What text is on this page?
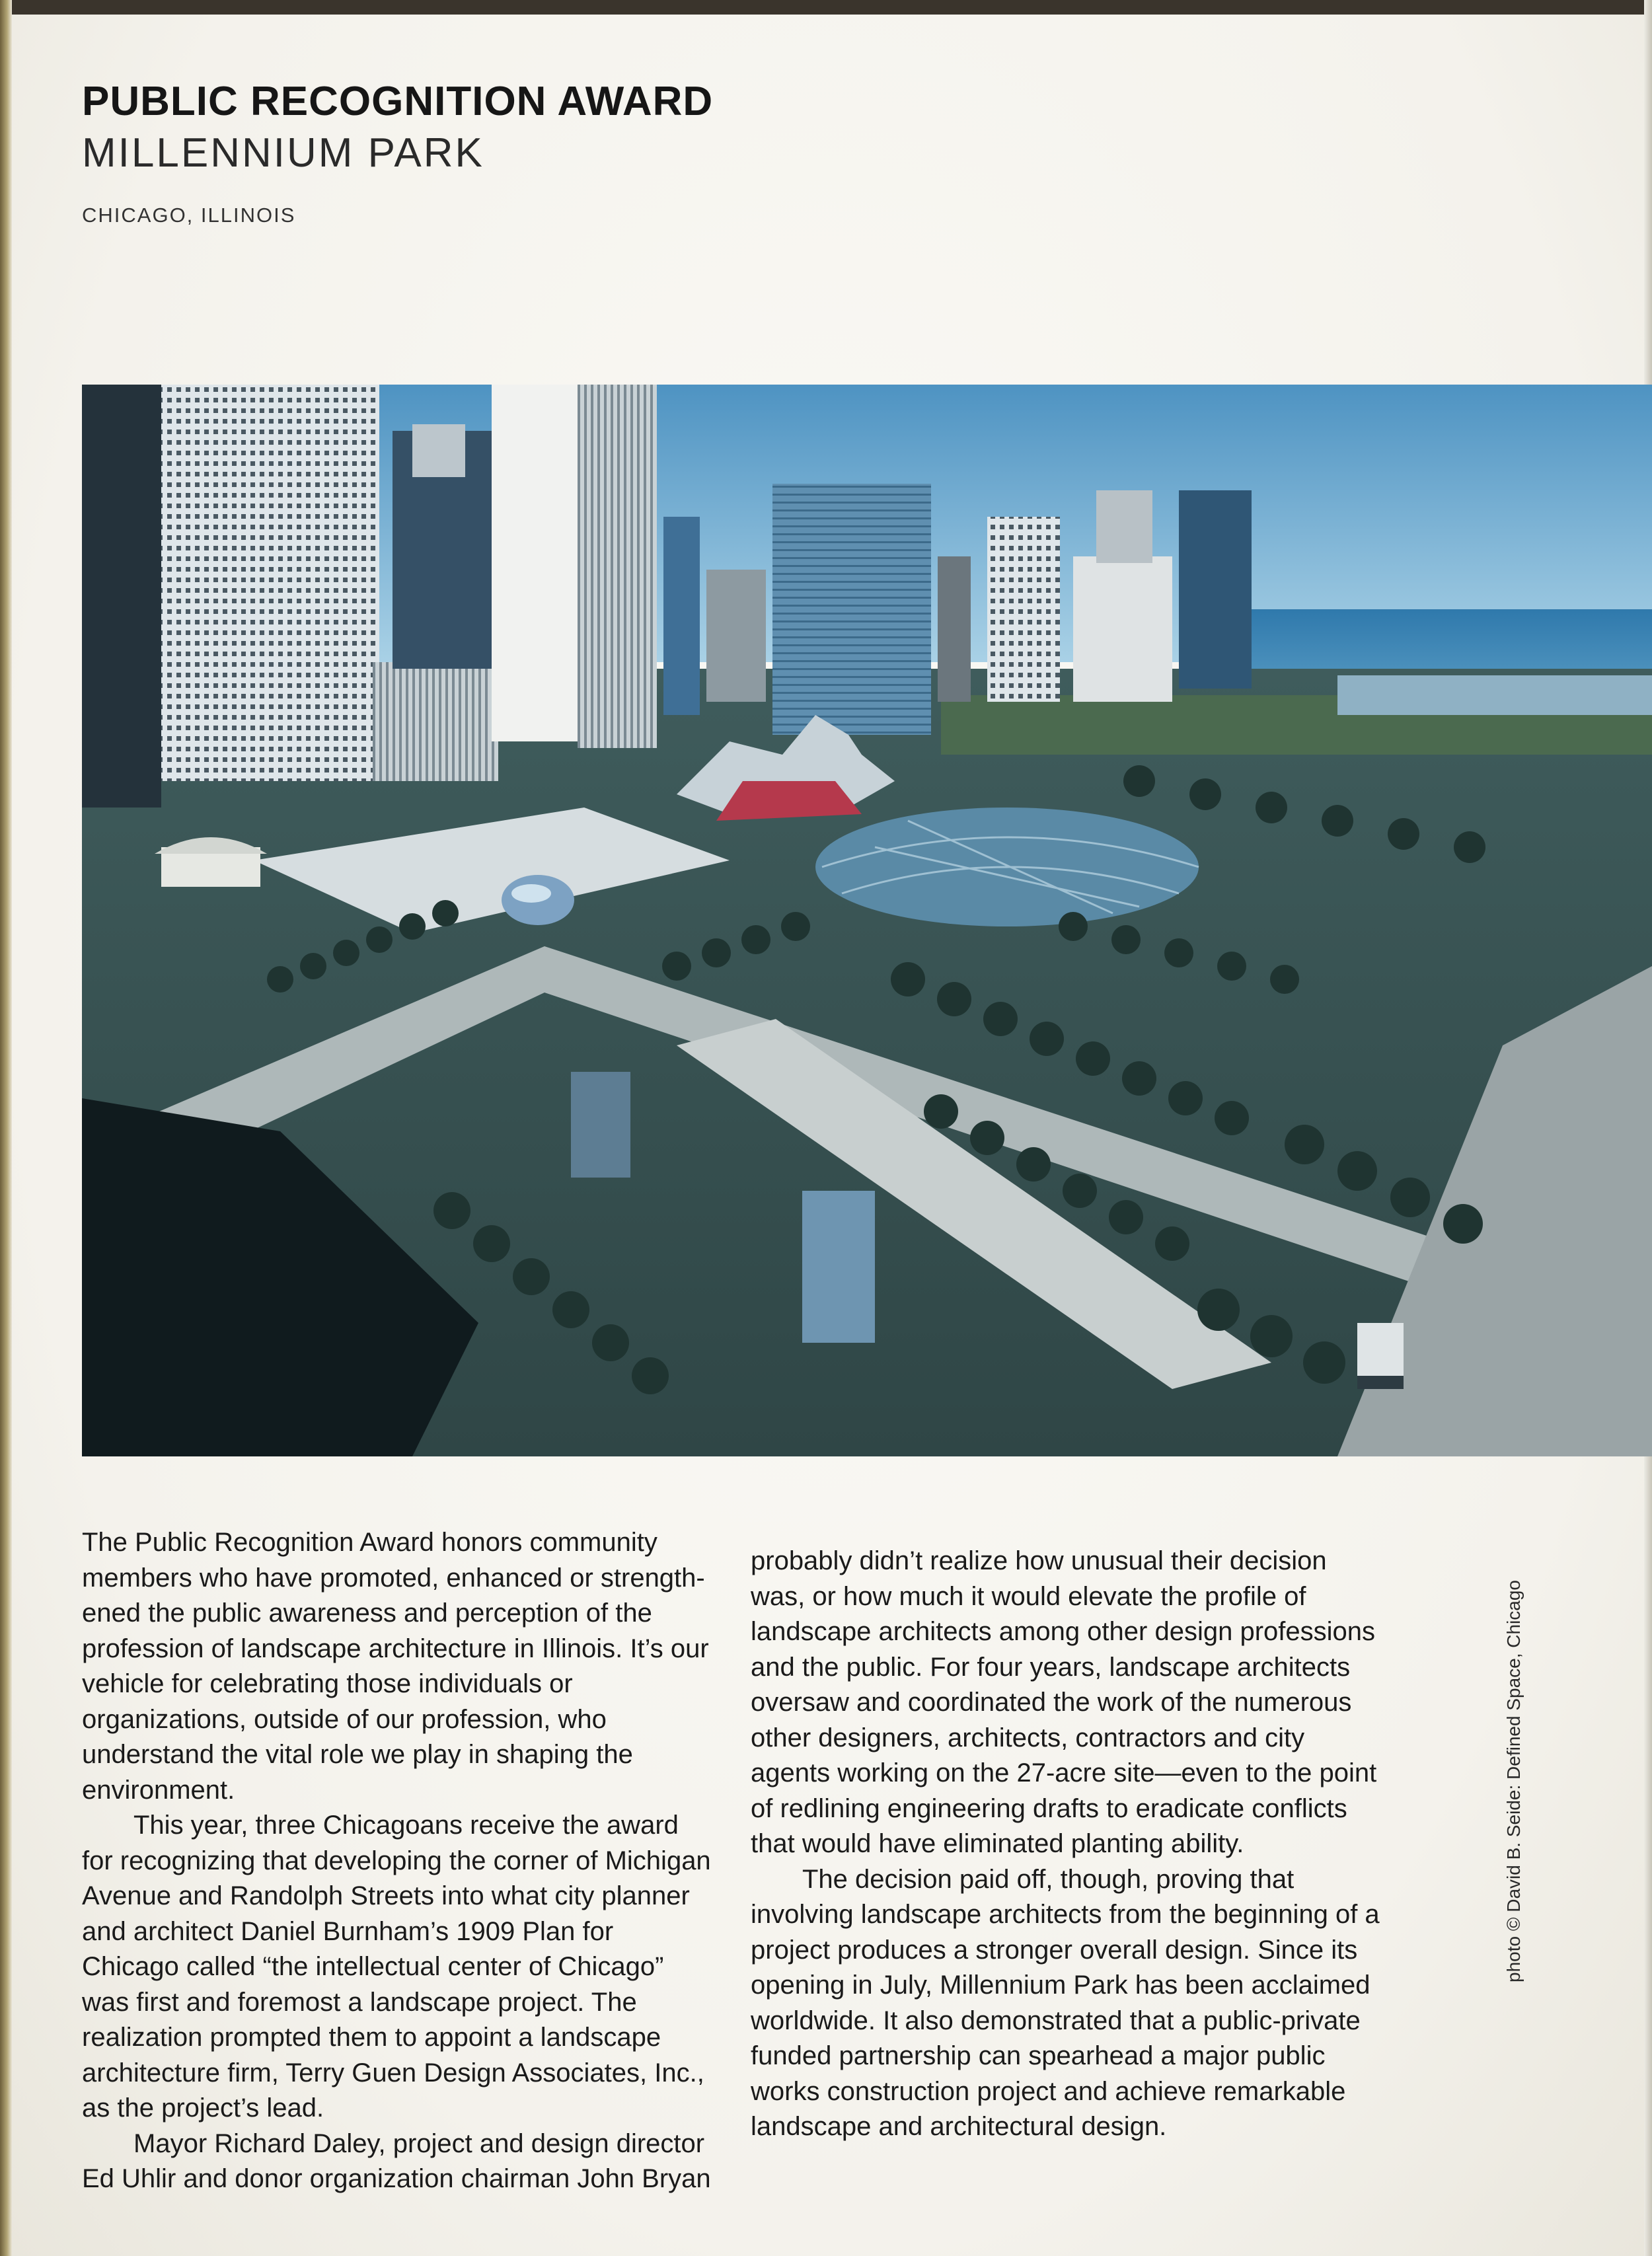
PUBLIC RECOGNITION AWARD
MILLENNIUM PARK

CHICAGO, ILLINOIS

The Public Recognition Award honors community members who have promoted, enhanced or strength-ened the public awareness and perception of the profession of landscape architecture in Illinois. It’s our vehicle for celebrating those individuals or organizations, outside of our profession, who understand the vital role we play in shaping the environment.

This year, three Chicagoans receive the award for recognizing that developing the corner of Michigan Avenue and Randolph Streets into what city planner and architect Daniel Burnham’s 1909 Plan for Chicago called “the intellectual center of Chicago” was first and foremost a landscape project. The realization prompted them to appoint a landscape architecture firm, Terry Guen Design Associates, Inc., as the project’s lead.

Mayor Richard Daley, project and design director Ed Uhlir and donor organization chairman John Bryan

probably didn’t realize how unusual their decision was, or how much it would elevate the profile of landscape architects among other design professions and the public. For four years, landscape architects oversaw and coordinated the work of the numerous other designers, architects, contractors and city agents working on the 27-acre site—even to the point of redlining engineering drafts to eradicate conflicts that would have eliminated planting ability.

The decision paid off, though, proving that involving landscape architects from the beginning of a project produces a stronger overall design. Since its opening in July, Millennium Park has been acclaimed worldwide. It also demonstrated that a public-private funded partnership can spearhead a major public works construction project and achieve remarkable landscape and architectural design.

photo © David B. Seide: Defined Space, Chicago
